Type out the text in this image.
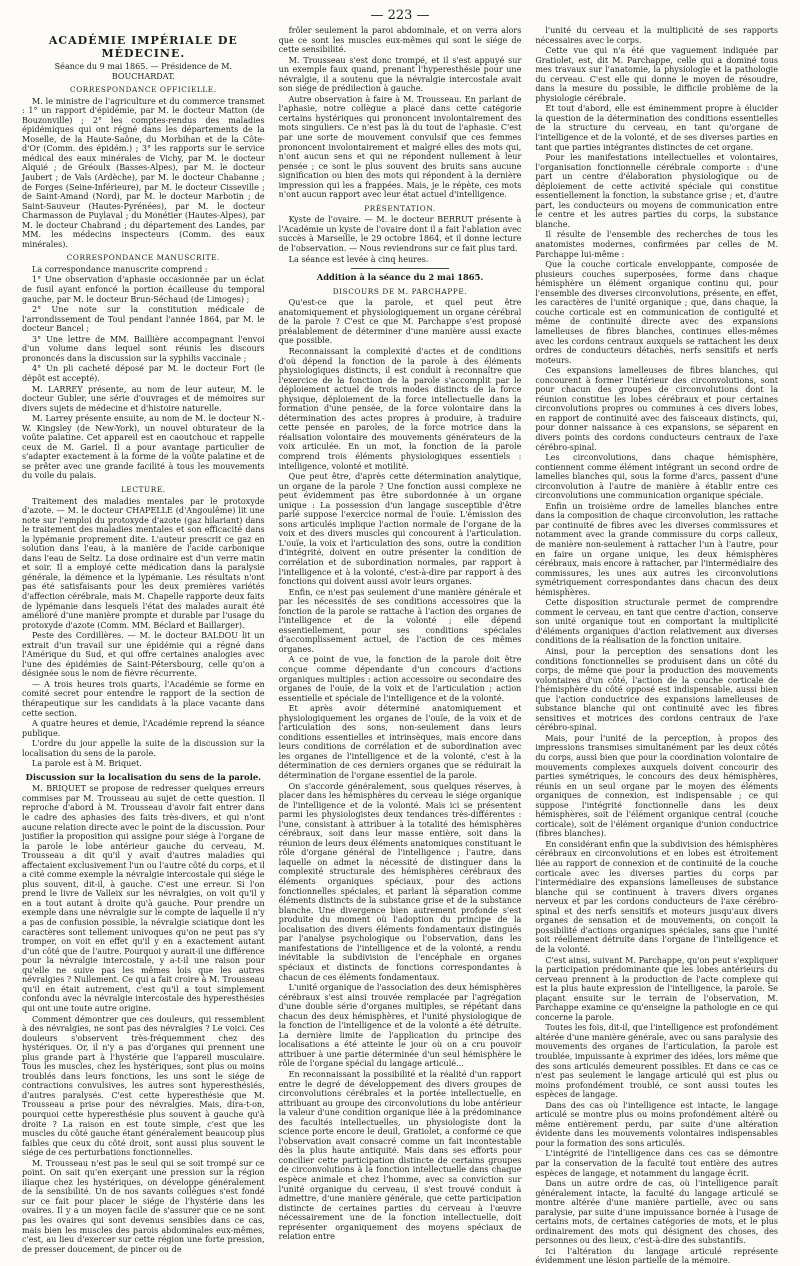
— 223 —

ACADÉMIE IMPÉRIALE DE MÉDECINE.

Séance du 9 mai 1865. — Présidence de M. BOUCHARDAT.

CORRESPONDANCE OFFICIELLE.

M. le ministre de l'agriculture et du commerce transmet : 1° un rapport d'épidémie, par M. le docteur Matton (de Bouzonville) ; 2° les comptes-rendus des maladies épidémiques qui ont régné dans les départements de la Moselle, de la Haute-Saône, du Morbihan et de la Côte-d'Or (Comm. des épidém.) ; 3° les rapports sur le service médical des eaux minérales de Vichy, par M. le docteur Alquié ; de Gréoulx (Basses-Alpes), par M. le docteur Jaubert ; de Vals (Ardèche), par M. le docteur Chabanne ; de Forges (Seine-Inférieure), par M. le docteur Cisseville ; de Saint-Amand (Nord), par M. le docteur Marbotin ; de Saint-Sauveur (Hautes-Pyrénées), par M. le docteur Charmasson de Puylaval ; du Monétier (Hautes-Alpes), par M. le docteur Chabrand ; du département des Landes, par MM. les médecins inspecteurs (Comm. des eaux minérales).

CORRESPONDANCE MANUSCRITE.

La correspondance manuscrite comprend :

1° Une observation d'aphasie occasionnée par un éclat de fusil ayant enfoncé la portion écailleuse du temporal gauche, par M. le docteur Brun-Séchaud (de Limoges) ;

2° Une note sur la constitution médicale de l'arrondissement de Toul pendant l'année 1864, par M. le docteur Bancel ;

3° Une lettre de MM. Baillière accompagnant l'envoi d'un volume dans lequel sont réunis les discours prononcés dans la discussion sur la syphilis vaccinale ;

4° Un pli cacheté déposé par M. le docteur Fort (le dépôt est accepté).

M. LARREY présente, au nom de leur auteur, M. le docteur Gubler, une série d'ouvrages et de mémoires sur divers sujets de médecine et d'histoire naturelle.

M. Larrey présente ensuite, au nom de M. le docteur N.-W. Kingsley (de New-York), un nouvel obturateur de la voûte palatine. Cet appareil est en caoutchouc et rappelle ceux de M. Gariel. Il a pour avantage particulier de s'adapter exactement à la forme de la voûte palatine et de se prêter avec une grande facilité à tous les mouvements du voile du palais.

LECTURE.

Traitement des maladies mentales par le protoxyde d'azote. — M. le docteur CHAPELLE (d'Angoulême) lit une note sur l'emploi du protoxyde d'azote (gaz hilariant) dans le traitement des maladies mentales et son efficacité dans la lypémanie proprement dite. L'auteur prescrit ce gaz en solution dans l'eau, à la manière de l'acide carbonique dans l'eau de Seltz. La dose ordinaire est d'un verre matin et soir. Il a employé cette médication dans la paralysie générale, la démence et la lypémanie. Les résultats n'ont pas été satisfaisants pour les deux premières variétés d'affection cérébrale, mais M. Chapelle rapporte deux faits de lypémanie dans lesquels l'état des malades aurait été amélioré d'une manière prompte et durable par l'usage du protoxyde d'azote (Comm. MM. Béclard et Baillarger).

Peste des Cordillères. — M. le docteur BALDOU lit un extrait d'un travail sur une épidémie qui a régné dans l'Amérique du Sud, et qui offre certaines analogies avec l'une des épidémies de Saint-Pétersbourg, celle qu'on a désignée sous le nom de fièvre récurrente.

— A trois heures trois quarts, l'Académie se forme en comité secret pour entendre le rapport de la section de thérapeutique sur les candidats à la place vacante dans cette section.

A quatre heures et demie, l'Académie reprend la séance publique.

L'ordre du jour appelle la suite de la discussion sur la localisation du sens de la parole.

La parole est à M. Briquet.

Discussion sur la localisation du sens de la parole.

M. BRIQUET se propose de redresser quelques erreurs commises par M. Trousseau au sujet de cette question. Il reproche d'abord à M. Trousseau d'avoir fait entrer dans le cadre des aphasies des faits très-divers, et qui n'ont aucune relation directe avec le point de la discussion. Pour justifier la proposition qui assigne pour siége à l'organe de la parole le lobe antérieur gauche du cerveau, M. Trousseau a dit qu'il y avait d'autres maladies qui affectaient exclusivement l'un ou l'autre côté du corps, et il a cité comme exemple la névralgie intercostale qui siége le plus souvent, dit-il, à gauche. C'est une erreur. Si l'on prend le livre de Valleix sur les névralgies, on voit qu'il y en a tout autant à droite qu'à gauche. Pour prendre un exemple dans une névralgie sur le compte de laquelle il n'y a pas de confusion possible, la névralgie sciatique dont les caractères sont tellement univoques qu'on ne peut pas s'y tromper, on voit en effet qu'il y en a exactement autant d'un côté que de l'autre. Pourquoi y aurait-il une différence pour la névralgie intercostale, y a-t-il une raison pour qu'elle ne suive pas les mêmes lois que les autres névralgies ? Nullement. Ce qui a fait croire à M. Trousseau qu'il en était autrement, c'est qu'il a tout simplement confondu avec la névralgie intercostale des hyperesthésies qui ont une toute autre origine.

Comment démontrer que ces douleurs, qui ressemblent à des névralgies, ne sont pas des névralgies ? Le voici. Ces douleurs s'observent très-fréquemment chez des hystériques. Or, il n'y a pas d'organes qui prennent une plus grande part à l'hystérie que l'appareil musculaire. Tous les muscles, chez les hystériques, sont plus ou moins troublés dans leurs fonctions, les uns sont le siége de contractions convulsives, les autres sont hyperesthésiés, d'autres paralysés. C'est cette hyperesthésie que M. Trousseau a prise pour des névralgies. Mais, dira-t-on, pourquoi cette hyperesthésie plus souvent à gauche qu'à droite ? La raison en est toute simple, c'est que les muscles du côté gauche étant généralement beaucoup plus faibles que ceux du côté droit, sont aussi plus souvent le siége de ces perturbations fonctionnelles.

M. Trousseau n'est pas le seul qui se soit trompé sur ce point. On sait qu'en exerçant une pression sur la région iliaque chez les hystériques, on développe généralement de la sensibilité. Un de nos savants collègues s'est fondé sur ce fait pour placer le siége de l'hystérie dans les ovaires. Il y a un moyen facile de s'assurer que ce ne sont pas les ovaires qui sont devenus sensibles dans ce cas, mais bien les muscles des parois abdominales eux-mêmes, c'est, au lieu d'exercer sur cette région une forte pression, de presser doucement, de pincer ou de

frôler seulement la paroi abdominale, et on verra alors que ce sont les muscles eux-mêmes qui sont le siége de cette sensibilité.

M. Trousseau s'est donc trompé, et il s'est appuyé sur un exemple faux quand, prenant l'hyperesthésie pour une névralgie, il a soutenu que la névralgie intercostale avait son siége de prédilection à gauche.

Autre observation à faire à M. Trousseau. En parlant de l'aphasie, notre collègue a placé dans cette catégorie certains hystériques qui prononcent involontairement des mots singuliers. Ce n'est pas là du tout de l'aphasie. C'est par une sorte de mouvement convulsif que ces femmes prononcent involontairement et malgré elles des mots qui, n'ont aucun sens et qui ne répondent nullement à leur pensée ; ce sont le plus souvent des bruits sans aucune signification ou bien des mots qui répondent à la dernière impression qui les a frappées. Mais, je le répète, ces mots n'ont aucun rapport avec leur état actuel d'intelligence.

PRÉSENTATION.

Kyste de l'ovaire. — M. le docteur BERRUT présente à l'Académie un kyste de l'ovaire dont il a fait l'ablation avec succès à Marseille, le 29 octobre 1864, et il donne lecture de l'observation. — Nous reviendrons sur ce fait plus tard.

La séance est levée à cinq heures.

Addition à la séance du 2 mai 1865.

DISCOURS DE M. PARCHAPPE.

Qu'est-ce que la parole, et quel peut être anatomiquement et physiologiquement un organe cérébral de la parole ? C'est ce que M. Parchappe s'est proposé préalablement de déterminer d'une manière aussi exacte que possible.

Reconnaissant la complexité d'actes et de conditions d'où dépend la fonction de la parole à des éléments physiologiques distincts, il est conduit à reconnaître que l'exercice de la fonction de la parole s'accomplit par le déploiement actuel de trois modes distincts de la force physique, déploiement de la force intellectuelle dans la formation d'une pensée, de la force volontaire dans la détermination des actes propres à produire, à traduire cette pensée en paroles, de la force motrice dans la réalisation volontaire des mouvements générateurs de la voix articulée. En un mot, la fonction de la parole comprend trois éléments physiologiques essentiels : intelligence, volonté et motilité.

Que peut être, d'après cette détermination analytique, un organe de la parole ? Une fonction aussi complexe ne peut évidemment pas être subordonnée à un organe unique : La possession d'un langage susceptible d'être parlé suppose l'exercice normal de l'ouïe. L'émission des sons articulés implique l'action normale de l'organe de la voix et des divers muscles qui concourent à l'articulation. L'ouïe, la voix et l'articulation des sons, outre la condition d'intégrité, doivent en outre présenter la condition de corrélation et de subordination normales, par rapport à l'intelligence et à la volonté, c'est-à-dire par rapport à des fonctions qui doivent aussi avoir leurs organes.

Enfin, ce n'est pas seulement d'une manière générale et par les nécessités de ses conditions accessoires que la fonction de la parole se rattache à l'action des organes de l'intelligence et de la volonté ; elle dépend essentiellement, pour ses conditions spéciales d'accomplissement actuel, de l'action de ces mêmes organes.

A ce point de vue, la fonction de la parole doit être conçue comme dépendante d'un concours d'actions organiques multiples : action accessoire ou secondaire des organes de l'ouïe, de la voix et de l'articulation ; action essentielle et spéciale de l'intelligence et de la volonté.

Et après avoir déterminé anatomiquement et physiologiquement les organes de l'ouïe, de la voix et de l'articulation des sons, non-seulement dans leurs conditions essentielles et intrinsèques, mais encore dans leurs conditions de corrélation et de subordination avec les organes de l'intelligence et de la volonté, c'est à la détermination de ces derniers organes que se réduirait la détermination de l'organe essentiel de la parole.

On s'accorde généralement, sous quelques réserves, à placer dans les hémisphères du cerveau le siége organique de l'intelligence et de la volonté. Mais ici se présentent parmi les physiologistes deux tendances très-différentes : l'une, consistant à attribuer à la totalité des hémisphères cérébraux, soit dans leur masse entière, soit dans la réunion de leurs deux éléments anatomiques constituant le rôle d'organe général de l'intelligence ; l'autre, dans laquelle on admet la nécessité de distinguer dans la complexité structurale des hémisphères cérébraux des éléments organiques spéciaux, pour des actions fonctionnelles spéciales, et parlant là séparation comme éléments distincts de la substance grise et de la substance blanche. Une divergence bien autrement profonde s'est produite du moment où l'adoption du principe de la localisation des divers éléments fondamentaux distingués par l'analyse psychologique ou l'observation, dans les manifestations de l'intelligence et de la volonté, a rendu inévitable la subdivision de l'encéphale en organes spéciaux et distincts de fonctions correspondantes à chacun de ces éléments fondamentaux.

L'unité organique de l'association des deux hémisphères cérébraux s'est ainsi trouvée remplacée par l'agrégation d'une double série d'organes multiples, se répétant dans chacun des deux hémisphères, et l'unité physiologique de la fonction de l'intelligence et de la volonté a été détruite. La dernière limite de l'application du principe des localisations a été atteinte le jour où on a cru pouvoir attribuer à une partie déterminée d'un seul hémisphère le rôle de l'organe spécial du langage articulé...

En reconnaissant la possibilité et la réalité d'un rapport entre le degré de développement des divers groupes de circonvolutions cérébrales et la portée intellectuelle, en attribuant au groupe des circonvolutions du lobe antérieur la valeur d'une condition organique liée à la prédominance des facultés intellectuelles, un physiologiste dont la science porte encore le deuil, Gratiolet, a conformé ce que l'observation avait consacré comme un fait incontestable dès la plus haute antiquité. Mais dans ses efforts pour concilier cette participation distincte de certains groupes de circonvolutions à la fonction intellectuelle dans chaque espèce animale et chez l'homme, avec sa conviction sur l'unité organique du cerveau, il s'est trouvé conduit à admettre, d'une manière générale, que cette participation distincte de certaines parties du cerveau à l'œuvre nécessairement une de la fonction intellectuelle, doit représenter organiquement des moyens spéciaux de relation entre

l'unité du cerveau et la multiplicité de ses rapports nécessaires avec le corps.

Cette vue qui n'a été que vaguement indiquée par Gratiolet, est, dit M. Parchappe, celle qui a dominé tous mes travaux sur l'anatomie, la physiologie et la pathologie du cerveau. C'est elle qui donne le moyen de résoudre, dans la mesure du possible, le difficile problème de la physiologie cérébrale.

Et tout d'abord, elle est éminemment propre à élucider la question de la détermination des conditions essentielles de la structure du cerveau, en tant qu'organe de l'intelligence et de la volonté, et de ses diverses parties en tant que parties intégrantes distinctes de cet organe.

Pour les manifestations intellectuelles et volontaires, l'organisation fonctionnelle cérébrale comporte : d'une part un centre d'élaboration physiologique ou de déploiement de cette activité spéciale qui constitue essentiellement la fonction, la substance grise ; et, d'autre part, les conducteurs ou moyens de communication entre le centre et les autres parties du corps, la substance blanche.

Il résulte de l'ensemble des recherches de tous les anatomistes modernes, confirmées par celles de M. Parchappe lui-même :

Que la couche corticale enveloppante, composée de plusieurs couches superposées, forme dans chaque hémisphère un élément organique continu qui, pour l'ensemble des diverses circonvolutions, présente, en effet, les caractères de l'unité organique ; que, dans chaque, la couche corticale est en communication de contiguïté et même de continuité directe avec des expansions lamelleuses de fibres blanches, continues elles-mêmes avec les cordons centraux auxquels se rattachent les deux ordres de conducteurs détachés, nerfs sensitifs et nerfs moteurs.

Ces expansions lamelleuses de fibres blanches, qui concourent à former l'intérieur des circonvolutions, sont pour chacun des groupes de circonvolutions dont la réunion constitue les lobes cérébraux et pour certaines circonvolutions propres ou communes à ces divers lobes, en rapport de continuité avec des faisceaux distincts, qui, pour donner naissance à ces expansions, se séparent en divers points des cordons conducteurs centraux de l'axe cérébro-spinal.

Les circonvolutions, dans chaque hémisphère, contiennent comme élément intégrant un second ordre de lamelles blanches qui, sous la forme d'arcs, passent d'une circonvolution à l'autre de manière à établir entre ces circonvolutions une communication organique spéciale.

Enfin un troisième ordre de lamelles blanches entre dans la composition de chaque circonvolution, les rattache par continuité de fibres avec les diverses commissures et notamment avec la grande commissure du corps calleux, de manière non-seulement à rattacher l'un à l'autre, pour en faire un organe unique, les deux hémisphères cérébraux, mais encore à rattacher, par l'intermédiaire des commissures, les unes aux autres les circonvolutions symétriquement correspondantes dans chacun des deux hémisphères.

Cette disposition structurale permet de comprendre comment le cerveau, en tant que centre d'action, conserve son unité organique tout en comportant la multiplicité d'éléments organiques d'action relativement aux diverses conditions de la réalisation de la fonction unitaire.

Ainsi, pour la perception des sensations dont les conditions fonctionnelles se produisent dans un côté du corps, de même que pour la production des mouvements volontaires d'un côté, l'action de la couche corticale de l'hémisphère du côté opposé est indispensable, aussi bien que l'action conductrice des expansions lamelleuses de substance blanche qui ont continuité avec les fibres sensitives et motrices des cordons centraux de l'axe cérébro-spinal.

Mais, pour l'unité de la perception, à propos des impressions transmises simultanément par les deux côtés du corps, aussi bien que pour la coordination volontaire de mouvements complexes auxquels doivent concourir des parties symétriques, le concours des deux hémisphères, réunis en un seul organe par le moyen des éléments organiques de connexion, est indispensable ; ce qui suppose l'intégrité fonctionnelle dans les deux hémisphères, soit de l'élément organique central (couche corticale), soit de l'élément organique d'union conductrice (fibres blanches).

En considérant enfin que la subdivision des hémisphères cérébraux en circonvolutions et en lobes est étroitement liée au rapport de connexion et de continuité de la couche corticale avec les diverses parties du corps par l'intermédiaire des expansions lamelleuses de substance blanche qui se continuent à travers divers organes nerveux et par les cordons conducteurs de l'axe cérébro-spinal et des nerfs sensitifs et moteurs jusqu'aux divers organes de sensation et de mouvements, on conçoit la possibilité d'actions organiques spéciales, sans que l'unité soit réellement détruite dans l'organe de l'intelligence et de la volonté.

C'est ainsi, suivant M. Parchappe, qu'on peut s'expliquer la participation prédominante que les lobes antérieurs du cerveau prennent à la production de l'acte complexe qui est la plus haute expression de l'intelligence, la parole. Se plaçant ensuite sur le terrain de l'observation, M. Parchappe examine ce qu'enseigne la pathologie en ce qui concerne la parole.

Toutes les fois, dit-il, que l'intelligence est profondément altérée d'une manière générale, avec ou sans paralysie des mouvements des organes de l'articulation, la parole est troublée, impuissante à exprimer des idées, lors même que des sons articulés demeurent possibles. Et dans ce cas ce n'est pas seulement le langage articulé qui est plus ou moins profondément troublé, ce sont aussi toutes les espèces de langage.

Dans des cas où l'intelligence est intacte, le langage articulé se montre plus ou moins profondément altéré ou même entièrement perdu, par suite d'une altération évidente dans les mouvements volontaires indispensables pour la formation des sons articulés.

L'intégrité de l'intelligence dans ces cas se démontre par la conservation de la faculté tout entière des autres espèces de langage, et notamment du langage écrit.

Dans un autre ordre de cas, où l'intelligence paraît généralement intacte, la faculté du langage articulé se montre altérée d'une manière partielle, avec ou sans paralysie, par suite d'une impuissance bornée à l'usage de certains mots, de certaines catégories de mots, et le plus ordinairement des mots qui désignent des choses, des personnes ou des lieux, c'est-à-dire des substantifs.

Ici l'altération du langage articulé représente évidemment une lésion partielle de la mémoire.
